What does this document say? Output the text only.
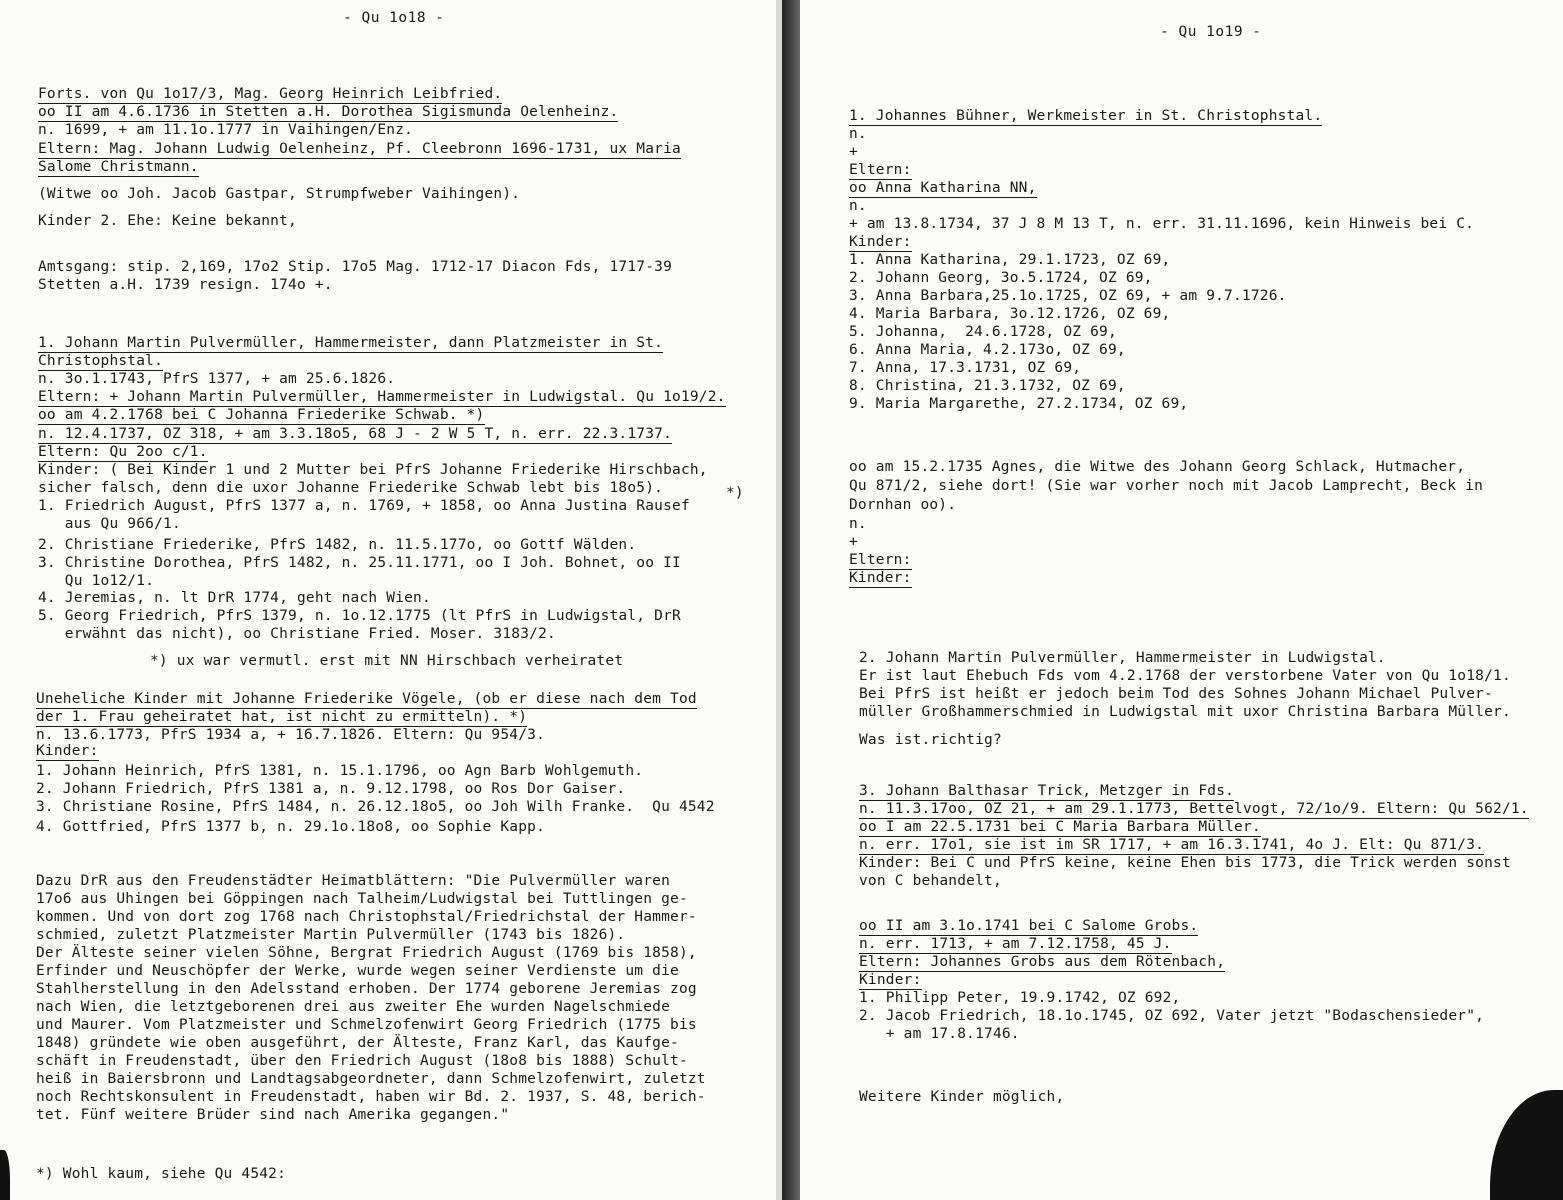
- Qu 1o18 -
Forts. von Qu 1o17/3, Mag. Georg Heinrich Leibfried.
oo II am 4.6.1736 in Stetten a.H. Dorothea Sigismunda Oelenheinz.
n. 1699, + am 11.1o.1777 in Vaihingen/Enz.
Eltern: Mag. Johann Ludwig Oelenheinz, Pf. Cleebronn 1696-1731, ux Maria
Salome Christmann.
(Witwe oo Joh. Jacob Gastpar, Strumpfweber Vaihingen).
Kinder 2. Ehe: Keine bekannt,
Amtsgang: stip. 2,169, 17o2 Stip. 17o5 Mag. 1712-17 Diacon Fds, 1717-39
Stetten a.H. 1739 resign. 174o +.
1. Johann Martin Pulvermüller, Hammermeister, dann Platzmeister in St.
Christophstal.
n. 3o.1.1743, PfrS 1377, + am 25.6.1826.
Eltern: + Johann Martin Pulvermüller, Hammermeister in Ludwigstal. Qu 1o19/2.
oo am 4.2.1768 bei C Johanna Friederike Schwab. *)
n. 12.4.1737, OZ 318, + am 3.3.18o5, 68 J - 2 W 5 T, n. err. 22.3.1737.
Eltern: Qu 2oo c/1.
Kinder: ( Bei Kinder 1 und 2 Mutter bei PfrS Johanne Friederike Hirschbach,
sicher falsch, denn die uxor Johanne Friederike Schwab lebt bis 18o5).	*)
1. Friedrich August, PfrS 1377 a, n. 1769, + 1858, oo Anna Justina Rausef
aus Qu 966/1.
2. Christiane Friederike, PfrS 1482, n. 11.5.177o, oo Gottf Wälden.
3. Christine Dorothea, PfrS 1482, n. 25.11.1771, oo I Joh. Bohnet, oo II
Qu 1o12/1.
4. Jeremias, n. lt DrR 1774, geht nach Wien.
5. Georg Friedrich, PfrS 1379, n. 1o.12.1775 (lt PfrS in Ludwigstal, DrR
erwähnt das nicht), oo Christiane Fried. Moser. 3183/2.
*) ux war vermutl. erst mit NN Hirschbach verheiratet
Uneheliche Kinder mit Johanne Friederike Vögele, (ob er diese nach dem Tod
der 1. Frau geheiratet hat, ist nicht zu ermitteln). *)
n. 13.6.1773, PfrS 1934 a, + 16.7.1826. Eltern: Qu 954/3.
Kinder:
1. Johann Heinrich, PfrS 1381, n. 15.1.1796, oo Agn Barb Wohlgemuth.
2. Johann Friedrich, PfrS 1381 a, n. 9.12.1798, oo Ros Dor Gaiser.
3. Christiane Rosine, PfrS 1484, n. 26.12.18o5, oo Joh Wilh Franke.  Qu 4542
4. Gottfried, PfrS 1377 b, n. 29.1o.18o8, oo Sophie Kapp.
Dazu DrR aus den Freudenstädter Heimatblättern: "Die Pulvermüller waren
17o6 aus Uhingen bei Göppingen nach Talheim/Ludwigstal bei Tuttlingen ge-
kommen. Und von dort zog 1768 nach Christophstal/Friedrichstal der Hammer-
schmied, zuletzt Platzmeister Martin Pulvermüller (1743 bis 1826).
Der Älteste seiner vielen Söhne, Bergrat Friedrich August (1769 bis 1858),
Erfinder und Neuschöpfer der Werke, wurde wegen seiner Verdienste um die
Stahlherstellung in den Adelsstand erhoben. Der 1774 geborene Jeremias zog
nach Wien, die letztgeborenen drei aus zweiter Ehe wurden Nagelschmiede
und Maurer. Vom Platzmeister und Schmelzofenwirt Georg Friedrich (1775 bis
1848) gründete wie oben ausgeführt, der Älteste, Franz Karl, das Kaufge-
schäft in Freudenstadt, über den Friedrich August (18o8 bis 1888) Schult-
heiß in Baiersbronn und Landtagsabgeordneter, dann Schmelzofenwirt, zuletzt
noch Rechtskonsulent in Freudenstadt, haben wir Bd. 2. 1937, S. 48, berich-
tet. Fünf weitere Brüder sind nach Amerika gegangen."
*) Wohl kaum, siehe Qu 4542:
- Qu 1o19 -
1. Johannes Bühner, Werkmeister in St. Christophstal.
n.
+
Eltern:
oo Anna Katharina NN,
n.
+ am 13.8.1734, 37 J 8 M 13 T, n. err. 31.11.1696, kein Hinweis bei C.
Kinder:
1. Anna Katharina, 29.1.1723, OZ 69,
2. Johann Georg, 3o.5.1724, OZ 69,
3. Anna Barbara,25.1o.1725, OZ 69, + am 9.7.1726.
4. Maria Barbara, 3o.12.1726, OZ 69,
5. Johanna,  24.6.1728, OZ 69,
6. Anna Maria, 4.2.173o, OZ 69,
7. Anna, 17.3.1731, OZ 69,
8. Christina, 21.3.1732, OZ 69,
9. Maria Margarethe, 27.2.1734, OZ 69,
oo am 15.2.1735 Agnes, die Witwe des Johann Georg Schlack, Hutmacher,
Qu 871/2, siehe dort! (Sie war vorher noch mit Jacob Lamprecht, Beck in
Dornhan oo).
n.
+
Eltern:
Kinder:
2. Johann Martin Pulvermüller, Hammermeister in Ludwigstal.
Er ist laut Ehebuch Fds vom 4.2.1768 der verstorbene Vater von Qu 1o18/1.
Bei PfrS ist heißt er jedoch beim Tod des Sohnes Johann Michael Pulver-
müller Großhammerschmied in Ludwigstal mit uxor Christina Barbara Müller.
Was ist.richtig?
3. Johann Balthasar Trick, Metzger in Fds.
n. 11.3.17oo, OZ 21, + am 29.1.1773, Bettelvogt, 72/1o/9. Eltern: Qu 562/1.
oo I am 22.5.1731 bei C Maria Barbara Müller.
n. err. 17o1, sie ist im SR 1717, + am 16.3.1741, 4o J. Elt: Qu 871/3.
Kinder: Bei C und PfrS keine, keine Ehen bis 1773, die Trick werden sonst
von C behandelt,
oo II am 3.1o.1741 bei C Salome Grobs.
n. err. 1713, + am 7.12.1758, 45 J.
Eltern: Johannes Grobs aus dem Rötenbach,
Kinder:
1. Philipp Peter, 19.9.1742, OZ 692,
2. Jacob Friedrich, 18.1o.1745, OZ 692, Vater jetzt "Bodaschensieder",
+ am 17.8.1746.
Weitere Kinder möglich,
